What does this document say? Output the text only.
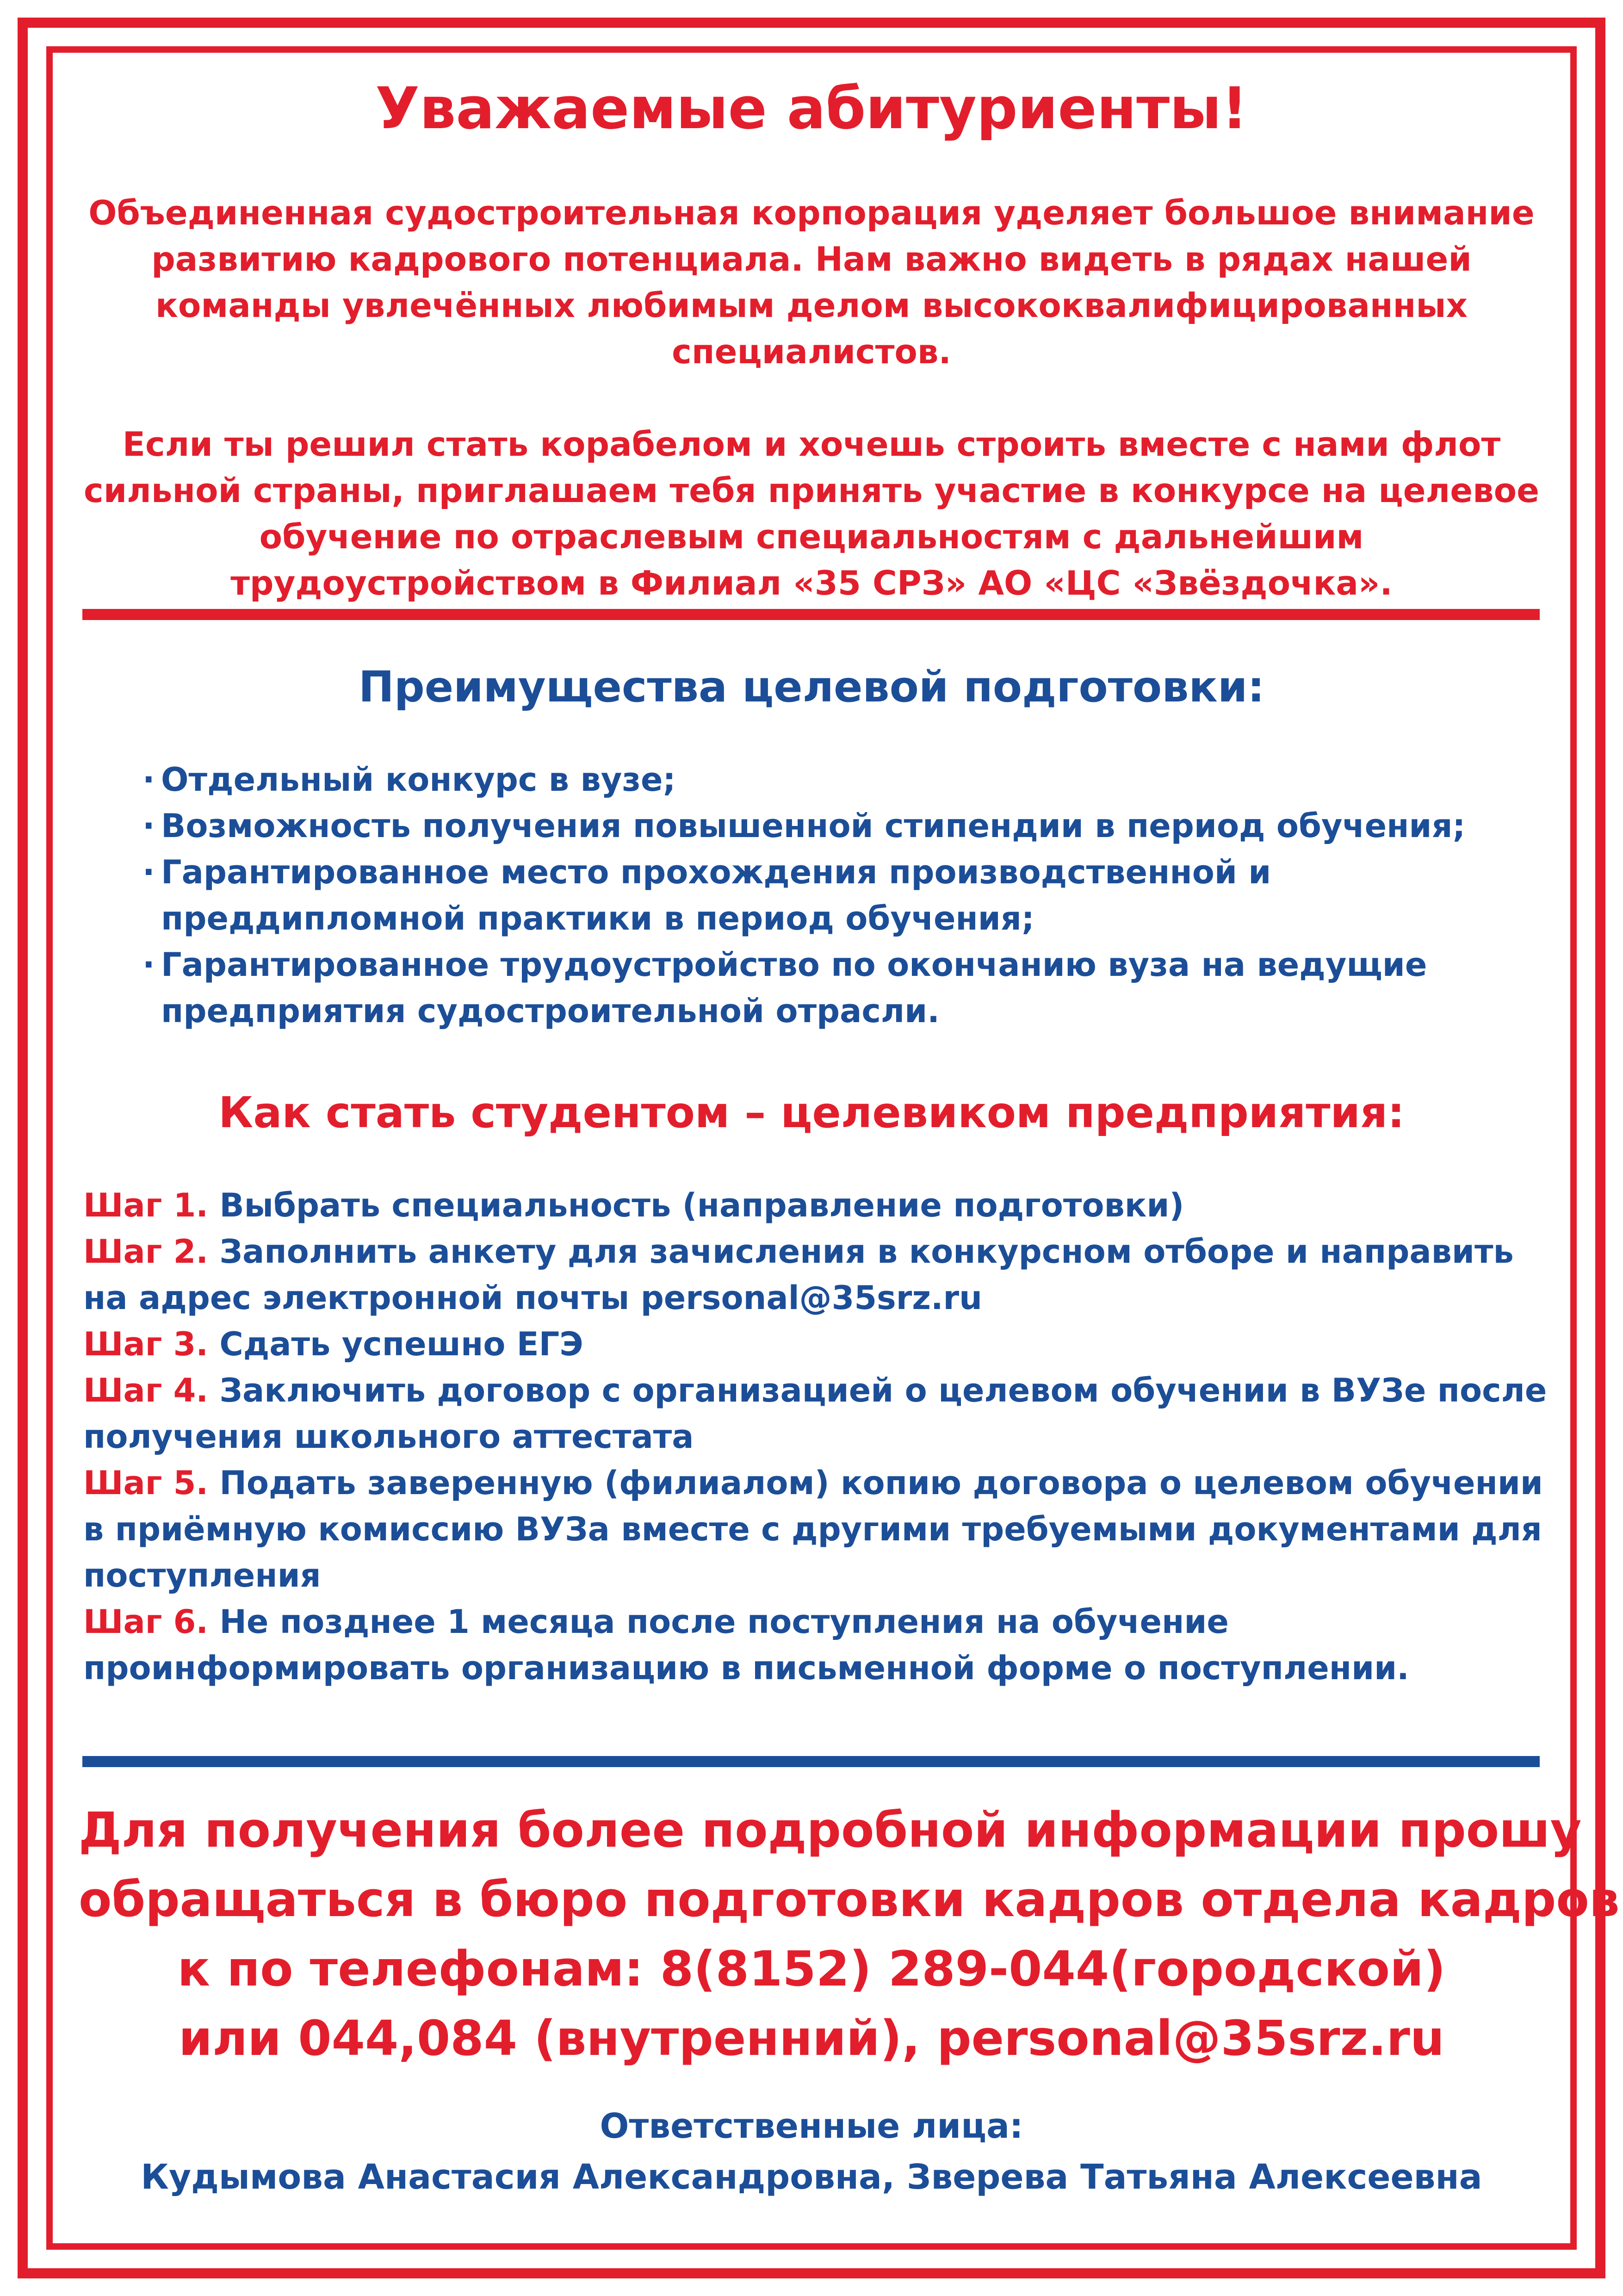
Уважаемые абитуриенты!

Объединенная судостроительная корпорация уделяет большое внимание развитию кадрового потенциала. Нам важно видеть в рядах нашей команды увлечённых любимым делом высококвалифицированных специалистов.

Если ты решил стать корабелом и хочешь строить вместе с нами флот сильной страны, приглашаем тебя принять участие в конкурсе на целевое обучение по отраслевым специальностям с дальнейшим трудоустройством в Филиал «35 СРЗ» АО «ЦС «Звёздочка».

Преимущества целевой подготовки:
· Отдельный конкурс в вузе;
· Возможность получения повышенной стипендии в период обучения;
· Гарантированное место прохождения производственной и преддипломной практики в период обучения;
· Гарантированное трудоустройство по окончанию вуза на ведущие предприятия судостроительной отрасли.
Как стать студентом – целевиком предприятия:
Шаг 1. Выбрать специальность (направление подготовки)
Шаг 2. Заполнить анкету для зачисления в конкурсном отборе и направить на адрес электронной почты personal@35srz.ru
Шаг 3. Сдать успешно ЕГЭ
Шаг 4. Заключить договор с организацией о целевом обучении в ВУЗе после получения школьного аттестата
Шаг 5. Подать заверенную (филиалом) копию договора о целевом обучении в приёмную комиссию ВУЗа вместе с другими требуемыми документами для поступления
Шаг 6. Не позднее 1 месяца после поступления на обучение проинформировать организацию в письменной форме о поступлении.
Для получения более подробной информации прошу
обращаться в бюро подготовки кадров отдела кадров
к по телефонам: 8(8152) 289-044(городской)
или 044,084 (внутренний), personal@35srz.ru
Ответственные лица:
Кудымова Анастасия Александровна, Зверева Татьяна Алексеевна
